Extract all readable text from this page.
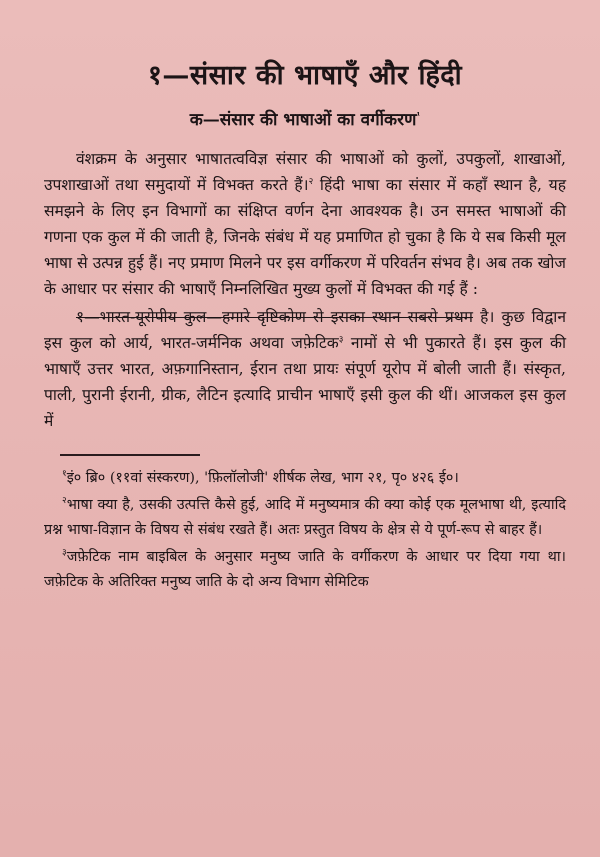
१—संसार की भाषाएँ और हिंदी
क—संसार की भाषाओं का वर्गीकरण$^{^1}$

वंशक्रम के अनुसार भाषातत्वविज्ञ संसार की भाषाओं को कुलों, उपकुलों, शाखाओं, उपशाखाओं तथा समुदायों में विभक्त करते हैं।$^२$ हिंदी भाषा का संसार में कहाँ स्थान है, यह समझने के लिए इन विभागों का संक्षिप्त वर्णन देना आवश्यक है। उन समस्त भाषाओं की गणना एक कुल में की जाती है, जिनके संबंध में यह प्रमाणित हो चुका है कि ये सब किसी मूल भाषा से उत्पन्न हुई हैं। नए प्रमाण मिलने पर इस वर्गीकरण में परिवर्तन संभव है। अब तक खोज के आधार पर संसार की भाषाएँ निम्नलिखित मुख्य कुलों में विभक्त की गई हैं :

१—भारत-यूरोपीय कुल—हमारे दृष्टिकोण से इसका स्थान सबसे प्रथम है। कुछ विद्वान इस कुल को आर्य, भारत-जर्मनिक अथवा जफ़ेटिक$^३$ नामों से भी पुकारते हैं। इस कुल की भाषाएँ उत्तर भारत, अफ़गानिस्तान, ईरान तथा प्रायः संपूर्ण यूरोप में बोली जाती हैं। संस्कृत, पाली, पुरानी ईरानी, ग्रीक, लैटिन इत्यादि प्राचीन भाषाएँ इसी कुल की थीं। आजकल इस कुल में

$^१$इं० ब्रि० (११वां संस्करण), 'फ़िलॉलोजी' शीर्षक लेख, भाग २१, पृ० ४२६ ई०।

$^२$भाषा क्या है, उसकी उत्पत्ति कैसे हुई, आदि में मनुष्यमात्र की क्या कोई एक मूलभाषा थी, इत्यादि प्रश्न भाषा-विज्ञान के विषय से संबंध रखते हैं। अतः प्रस्तुत विषय के क्षेत्र से ये पूर्ण-रूप से बाहर हैं।

$^३$जफ़ेटिक नाम बाइबिल के अनुसार मनुष्य जाति के वर्गीकरण के आधार पर दिया गया था। जफ़ेटिक के अतिरिक्त मनुष्य जाति के दो अन्य विभाग सेमिटिक
